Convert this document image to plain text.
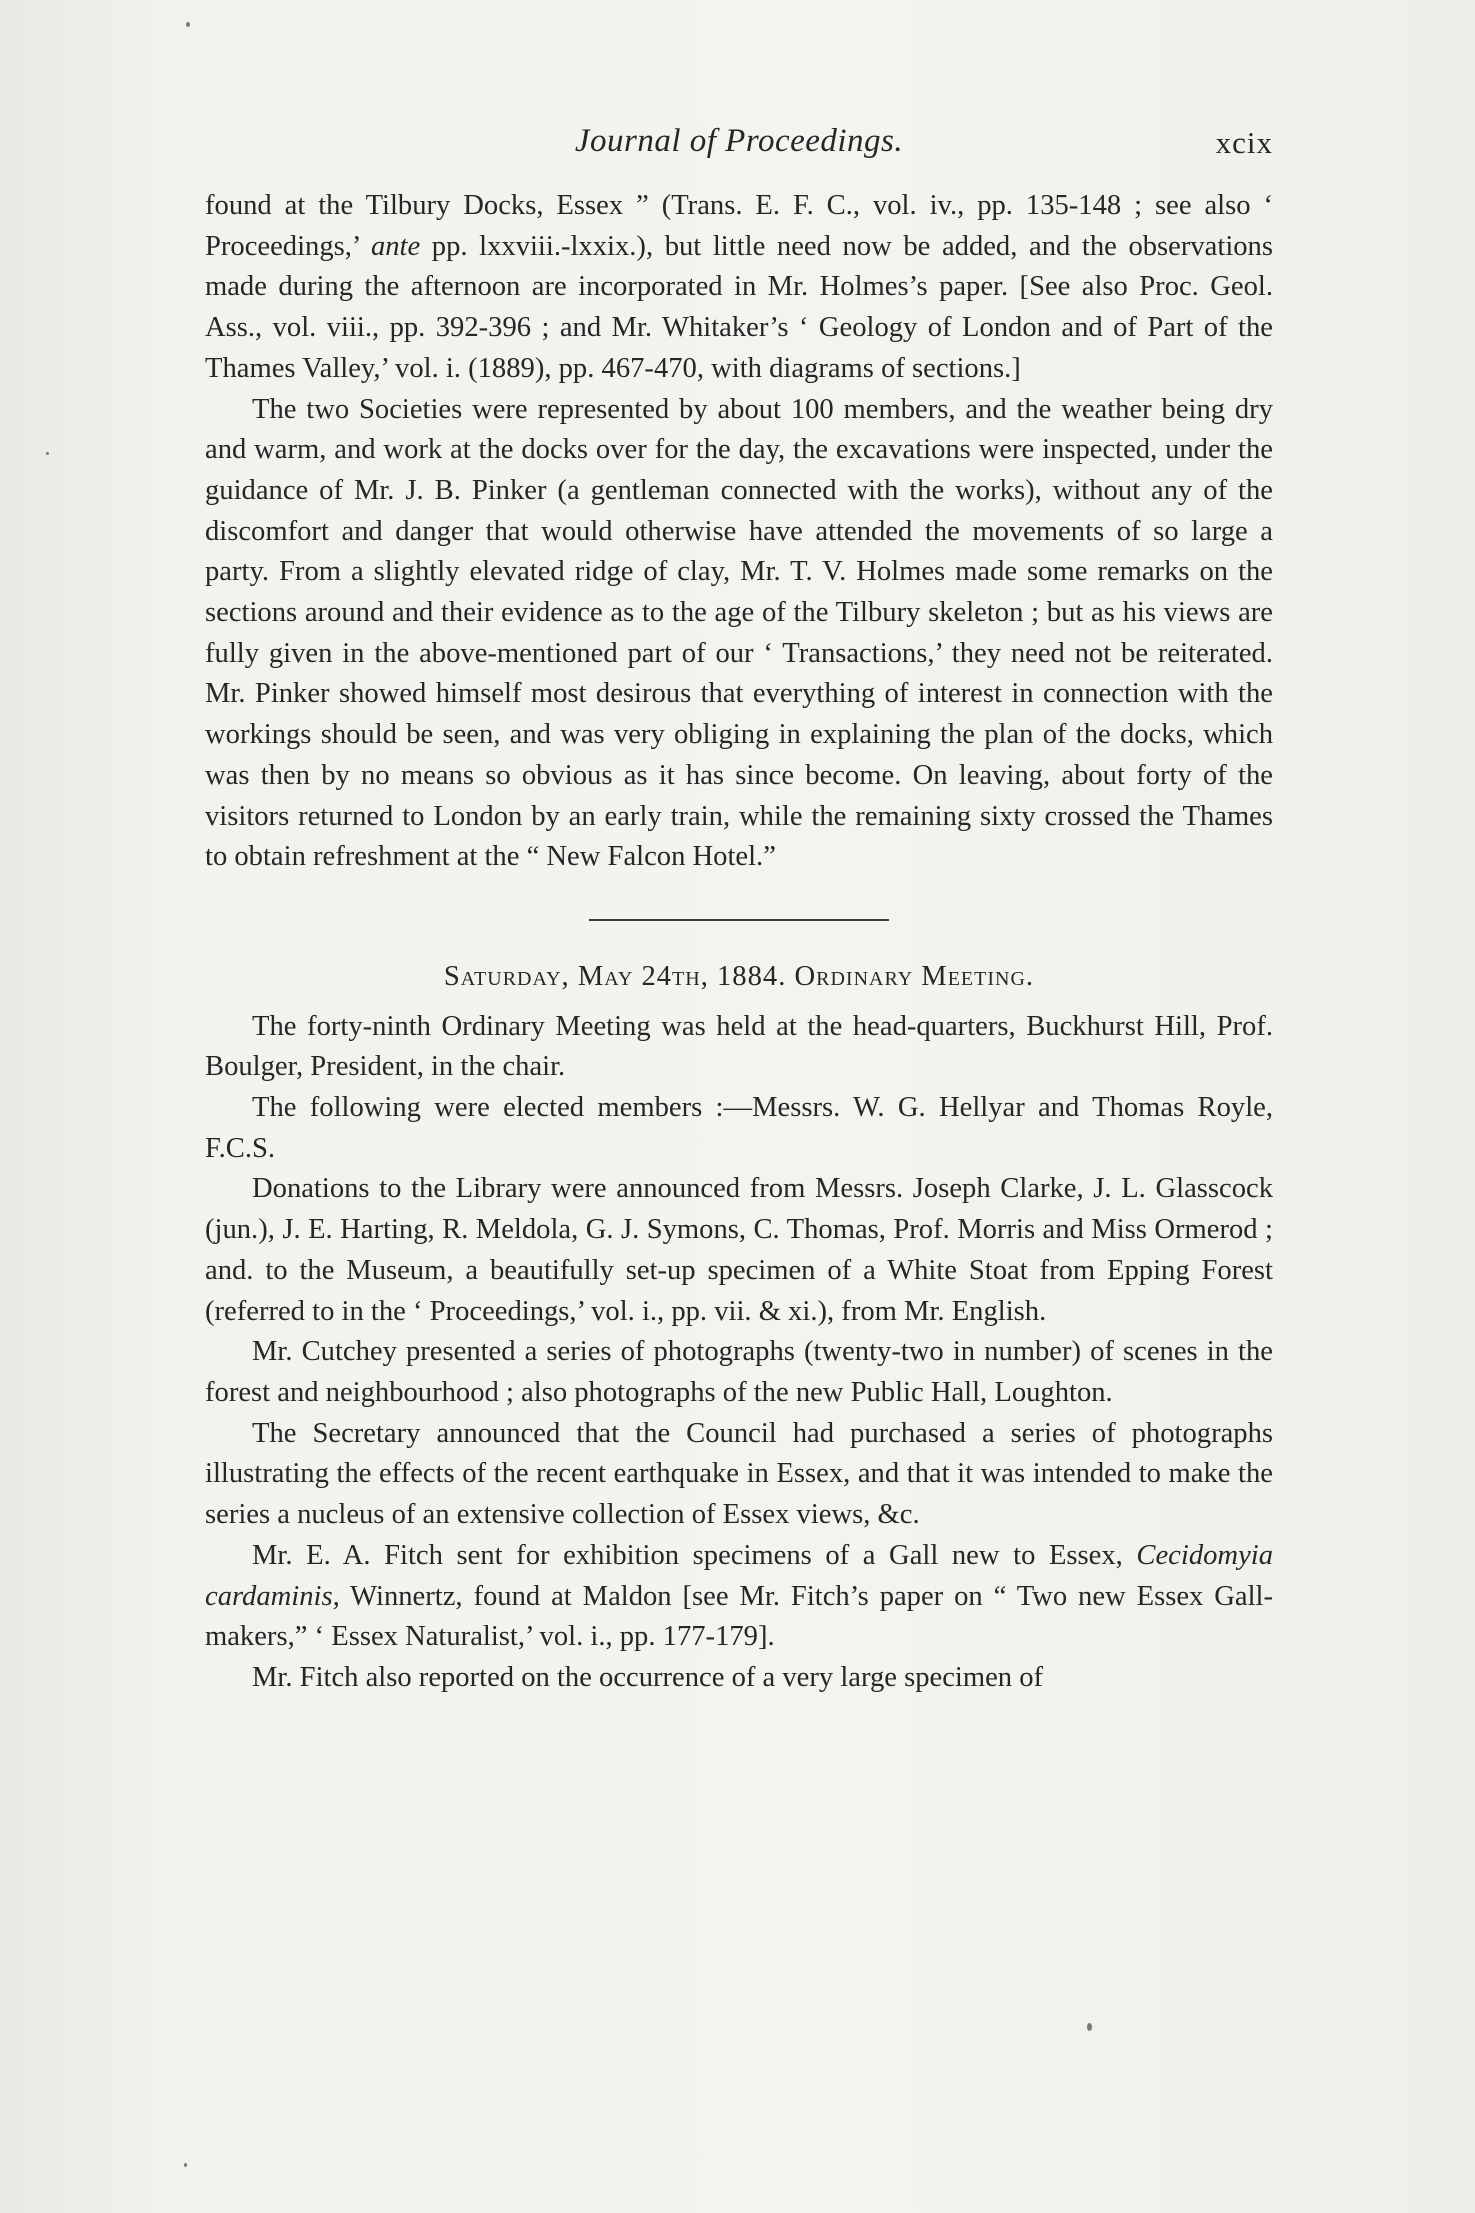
Journal of Proceedings.	xcix

found at the Tilbury Docks, Essex ” (Trans. E. F. C., vol. iv., pp. 135-148 ; see also ‘ Proceedings,’ ante pp. lxxviii.-lxxix.), but little need now be added, and the observations made during the afternoon are incorporated in Mr. Holmes’s paper. [See also Proc. Geol. Ass., vol. viii., pp. 392-396 ; and Mr. Whitaker’s ‘ Geology of London and of Part of the Thames Valley,’ vol. i. (1889), pp. 467-470, with diagrams of sections.]

The two Societies were represented by about 100 members, and the weather being dry and warm, and work at the docks over for the day, the excavations were inspected, under the guidance of Mr. J. B. Pinker (a gentleman connected with the works), without any of the discomfort and danger that would otherwise have attended the movements of so large a party. From a slightly elevated ridge of clay, Mr. T. V. Holmes made some remarks on the sections around and their evidence as to the age of the Tilbury skeleton ; but as his views are fully given in the above-mentioned part of our ‘ Transactions,’ they need not be reiterated. Mr. Pinker showed himself most desirous that everything of interest in connection with the workings should be seen, and was very obliging in explaining the plan of the docks, which was then by no means so obvious as it has since become. On leaving, about forty of the visitors returned to London by an early train, while the remaining sixty crossed the Thames to obtain refreshment at the “ New Falcon Hotel.”

Saturday, May 24th, 1884. Ordinary Meeting.

The forty-ninth Ordinary Meeting was held at the head-quarters, Buckhurst Hill, Prof. Boulger, President, in the chair.

The following were elected members :—Messrs. W. G. Hellyar and Thomas Royle, F.C.S.

Donations to the Library were announced from Messrs. Joseph Clarke, J. L. Glasscock (jun.), J. E. Harting, R. Meldola, G. J. Symons, C. Thomas, Prof. Morris and Miss Ormerod ; and. to the Museum, a beautifully set-up specimen of a White Stoat from Epping Forest (referred to in the ‘ Proceedings,’ vol. i., pp. vii. & xi.), from Mr. English.

Mr. Cutchey presented a series of photographs (twenty-two in number) of scenes in the forest and neighbourhood ; also photographs of the new Public Hall, Loughton.

The Secretary announced that the Council had purchased a series of photographs illustrating the effects of the recent earthquake in Essex, and that it was intended to make the series a nucleus of an extensive collection of Essex views, &c.

Mr. E. A. Fitch sent for exhibition specimens of a Gall new to Essex, Cecidomyia cardaminis, Winnertz, found at Maldon [see Mr. Fitch’s paper on “ Two new Essex Gall-makers,” ‘ Essex Naturalist,’ vol. i., pp. 177-179].

Mr. Fitch also reported on the occurrence of a very large specimen of
